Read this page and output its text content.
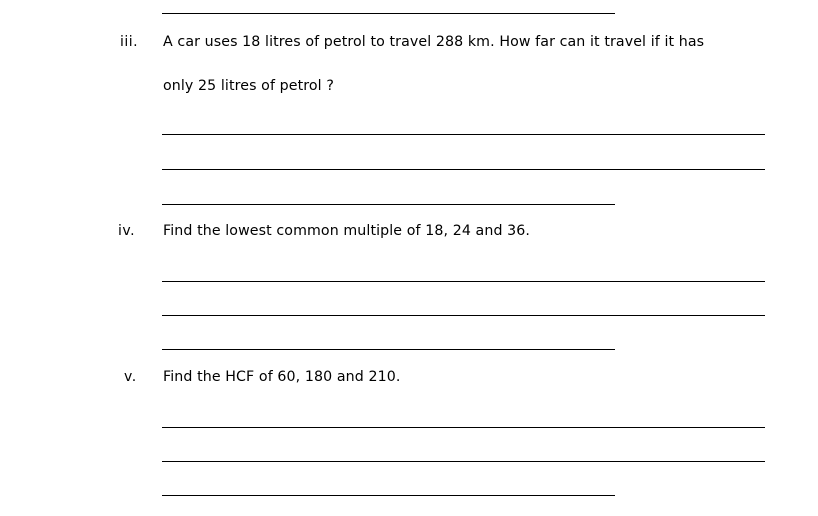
iii. A car uses 18 litres of petrol to travel 288 km. How far can it travel if it has
only 25 litres of petrol ?
iv. Find the lowest common multiple of 18, 24 and 36.
v. Find the HCF of 60, 180 and 210.
